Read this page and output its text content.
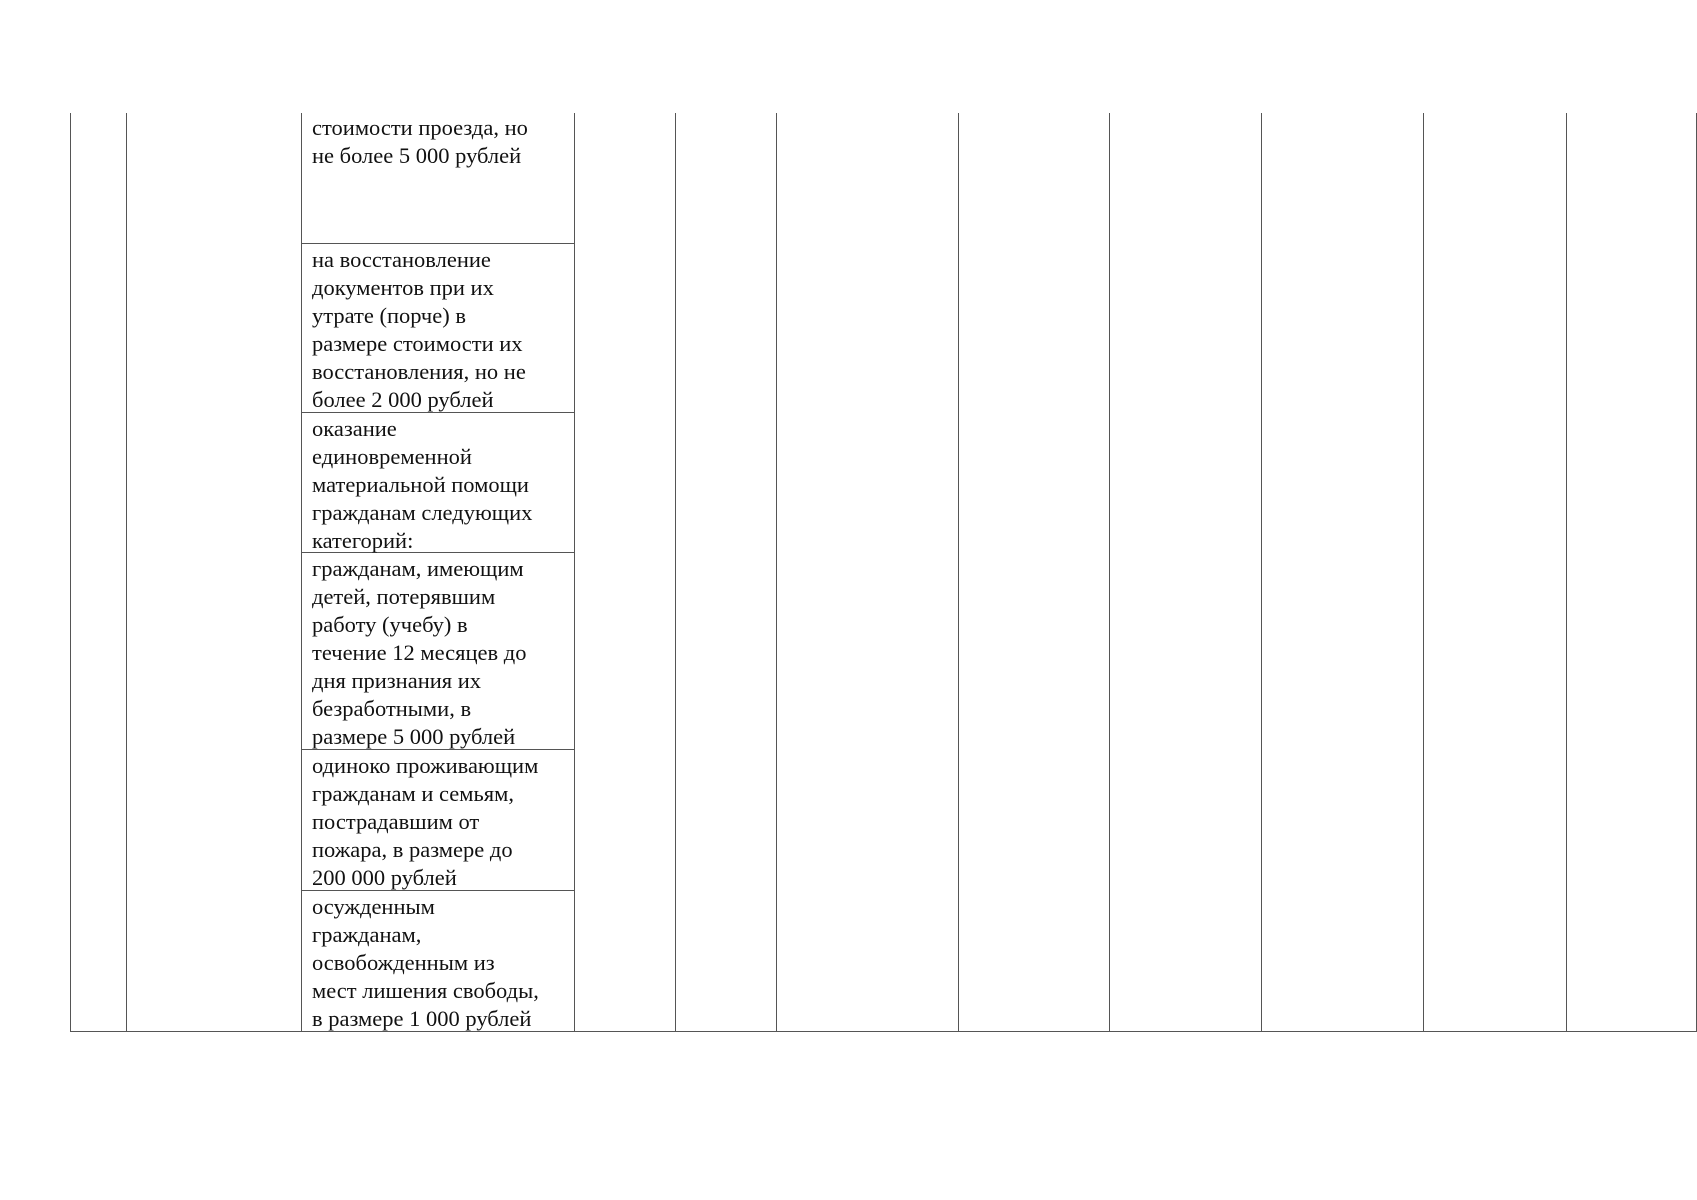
стоимости проезда, но
не более 5 000 рублей
на восстановление
документов при их
утрате (порче) в
размере стоимости их
восстановления, но не
более 2 000 рублей
оказание
единовременной
материальной помощи
гражданам следующих
категорий:
гражданам, имеющим
детей, потерявшим
работу (учебу) в
течение 12 месяцев до
дня признания их
безработными, в
размере 5 000 рублей
одиноко проживающим
гражданам и семьям,
пострадавшим от
пожара, в размере до
200 000 рублей
осужденным
гражданам,
освобожденным из
мест лишения свободы,
в размере 1 000 рублей
